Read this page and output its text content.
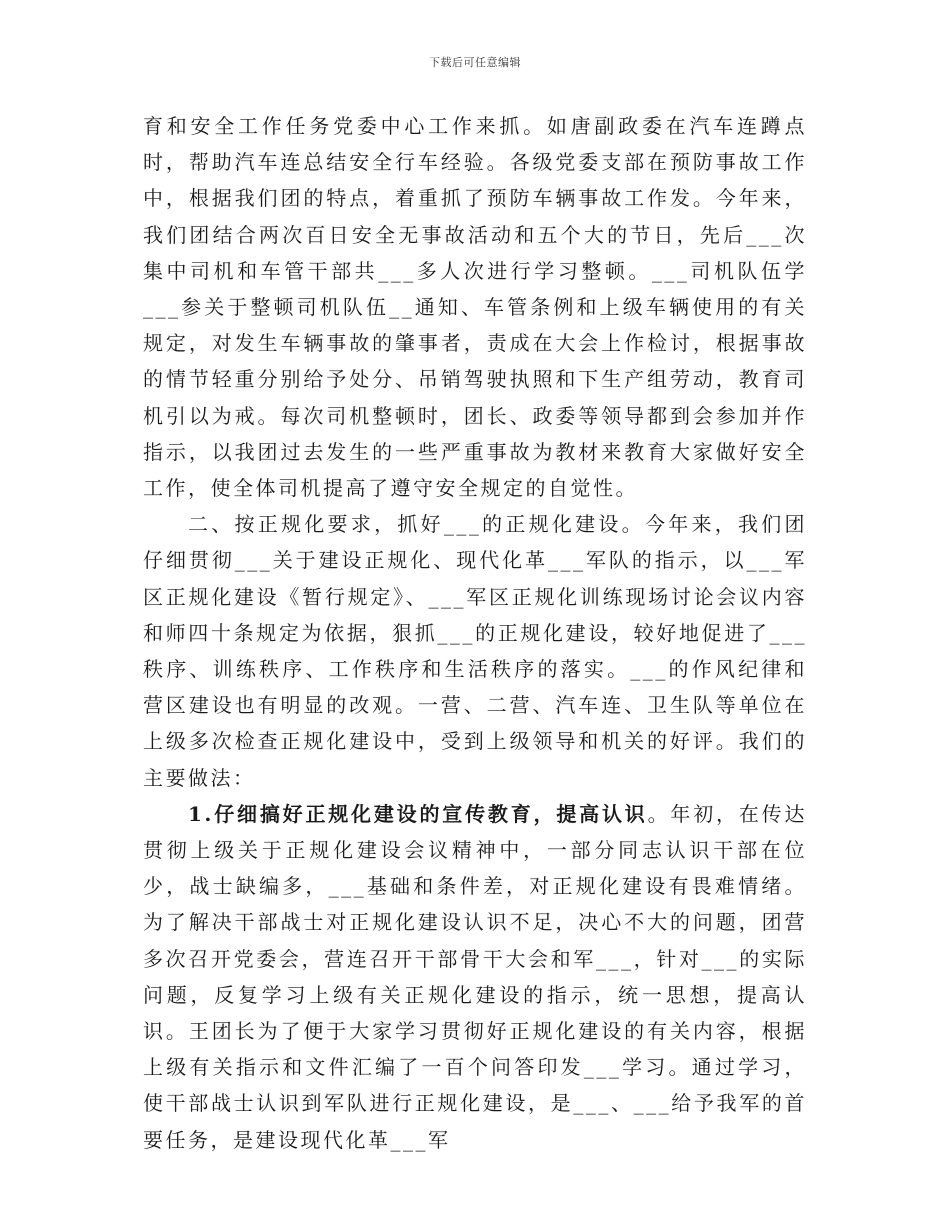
下载后可任意编辑

育和安全工作任务党委中心工作来抓。如唐副政委在汽车连蹲点时，帮助汽车连总结安全行车经验。各级党委支部在预防事故工作中，根据我们团的特点，着重抓了预防车辆事故工作发。今年来，我们团结合两次百日安全无事故活动和五个大的节日，先后___次集中司机和车管干部共___多人次进行学习整顿。___司机队伍学___参关于整顿司机队伍__通知、车管条例和上级车辆使用的有关规定，对发生车辆事故的肇事者，责成在大会上作检讨，根据事故的情节轻重分别给予处分、吊销驾驶执照和下生产组劳动，教育司机引以为戒。每次司机整顿时，团长、政委等领导都到会参加并作指示，以我团过去发生的一些严重事故为教材来教育大家做好安全工作，使全体司机提高了遵守安全规定的自觉性。

二、按正规化要求，抓好___的正规化建设。今年来，我们团仔细贯彻___关于建设正规化、现代化革___军队的指示，以___军区正规化建设《暂行规定》、___军区正规化训练现场讨论会议内容和师四十条规定为依据，狠抓___的正规化建设，较好地促进了___秩序、训练秩序、工作秩序和生活秩序的落实。___的作风纪律和营区建设也有明显的改观。一营、二营、汽车连、卫生队等单位在上级多次检查正规化建设中，受到上级领导和机关的好评。我们的主要做法：

1.仔细搞好正规化建设的宣传教育，提高认识。年初，在传达贯彻上级关于正规化建设会议精神中，一部分同志认识干部在位少，战士缺编多，___基础和条件差，对正规化建设有畏难情绪。为了解决干部战士对正规化建设认识不足，决心不大的问题，团营多次召开党委会，营连召开干部骨干大会和军___，针对___的实际问题，反复学习上级有关正规化建设的指示，统一思想，提高认识。王团长为了便于大家学习贯彻好正规化建设的有关内容，根据上级有关指示和文件汇编了一百个问答印发___学习。通过学习，使干部战士认识到军队进行正规化建设，是___、___给予我军的首要任务，是建设现代化革___军
